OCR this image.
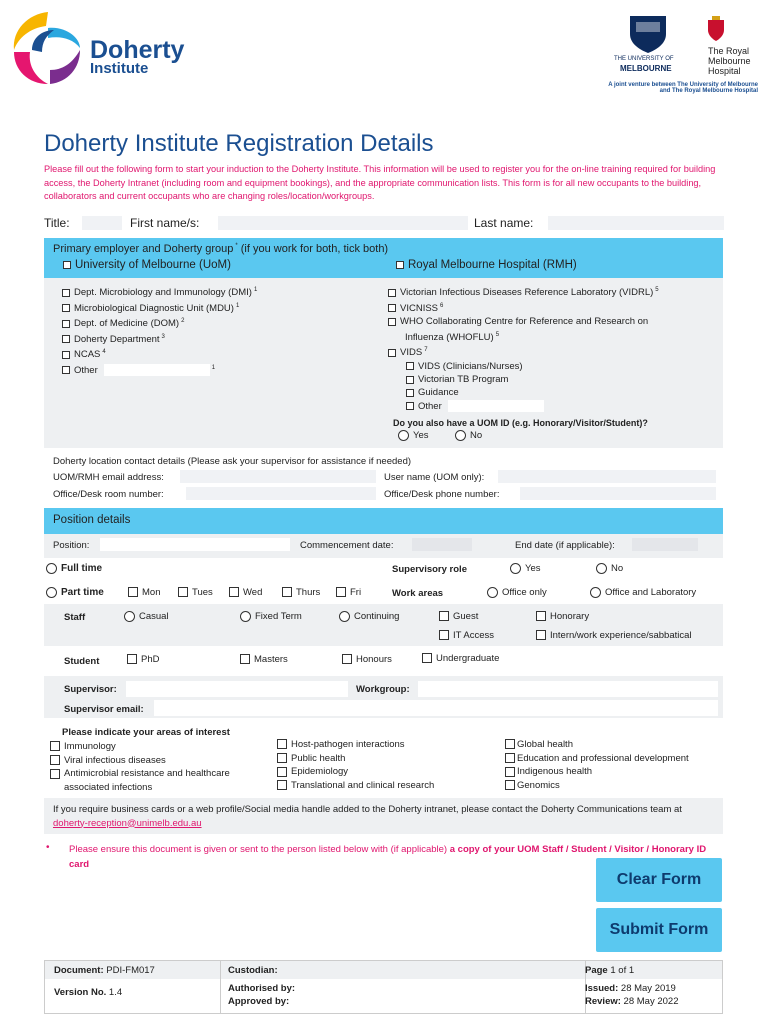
Doherty
Institute
THE UNIVERSITY OF
MELBOURNE
The Royal
Melbourne
Hospital
A joint venture between The University of Melbourne
and The Royal Melbourne Hospital
Doherty Institute Registration Details
Please fill out the following form to start your induction to the Doherty Institute. This information will be used to register you for the on-line training required for building access, the Doherty Intranet (including room and equipment bookings), and the appropriate communication lists. This form is for all new occupants to the building, collaborators and current occupants who are changing roles/location/workgroups.
Title:	First name/s:	Last name:
Primary employer and Doherty group * (if you work for both, tick both)
University of Melbourne (UoM)	Royal Melbourne Hospital (RMH)
Dept. Microbiology and Immunology (DMI) $^1$
Microbiological Diagnostic Unit (MDU) $^1$
Dept. of Medicine (DOM) $^2$
Doherty Department $^3$
NCAS $^4$
Other	$^1$
Victorian Infectious Diseases Reference Laboratory (VIDRL) $^5$
VICNISS $^6$
WHO Collaborating Centre for Reference and Research on
Influenza (WHOFLU) $^5$
VIDS $^7$
VIDS (Clinicians/Nurses)
Victorian TB Program
Guidance
Other
Do you also have a UOM ID (e.g. Honorary/Visitor/Student)?
Yes	No
Doherty location contact details (Please ask your supervisor for assistance if needed)
UOM/RMH email address:	User name (UOM only):
Office/Desk room number:	Office/Desk phone number:
Position details
Position:	Commencement date:	End date (if applicable):
Full time	Supervisory role	Yes	No
Part time	Mon	Tues	Wed	Thurs	Fri	Work areas	Office only	Office and Laboratory
Staff	Casual	Fixed Term	Continuing	Guest	Honorary
IT Access	Intern/work experience/sabbatical
Student	PhD	Masters	Honours	Undergraduate
Supervisor:	Workgroup:
Supervisor email:
Please indicate your areas of interest
Immunology
Viral infectious diseases
Antimicrobial resistance and healthcare
associated infections
Host-pathogen interactions
Public health
Epidemiology
Translational and clinical research
Global health
Education and professional development
Indigenous health
Genomics
If you require business cards or a web profile/Social media handle added to the Doherty intranet, please contact the Doherty Communications team at doherty-reception@unimelb.edu.au
• Please ensure this document is given or sent to the person listed below with (if applicable) a copy of your UOM Staff / Student / Visitor / Honorary ID card
Clear Form
Submit Form
Document: PDI-FM017
Version No. 1.4
Custodian:
Authorised by:
Approved by:
Page 1 of 1
Issued: 28 May 2019
Review: 28 May 2022
